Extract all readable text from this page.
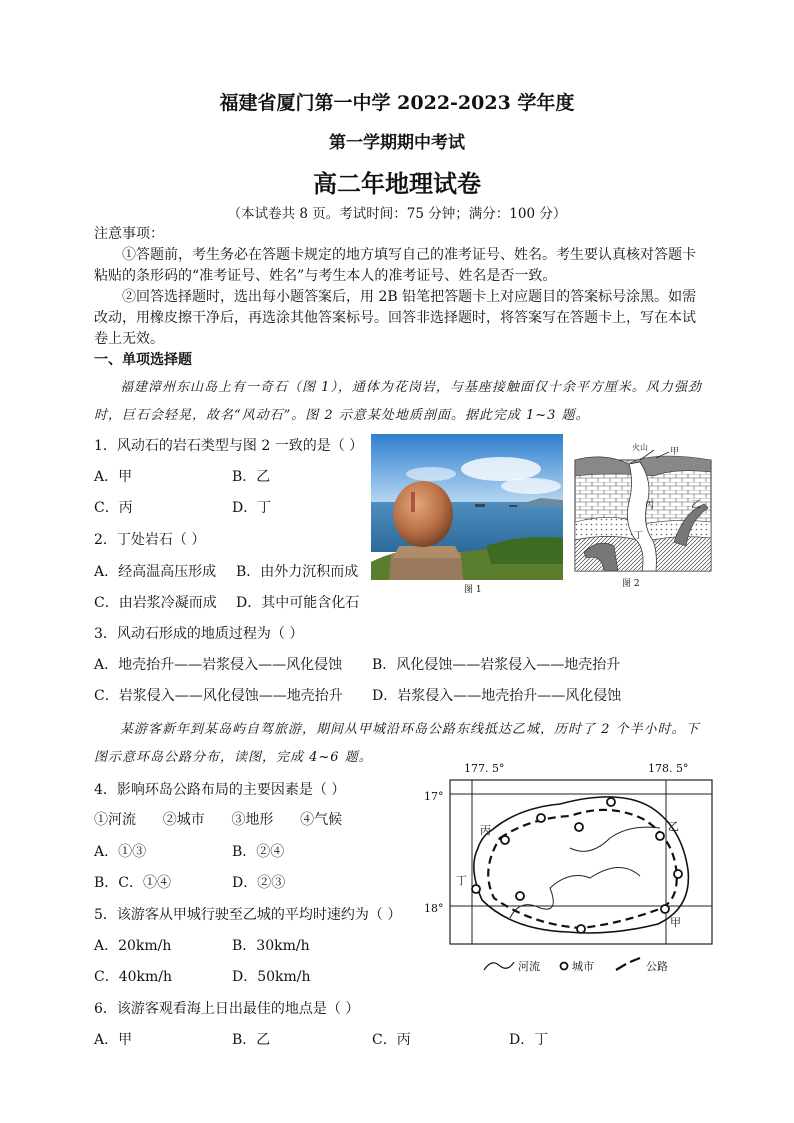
福建省厦门第一中学 2022-2023 学年度
第一学期期中考试
高二年地理试卷
（本试卷共 8 页。考试时间：75 分钟；满分：100 分）
注意事项：
①答题前，考生务必在答题卡规定的地方填写自己的准考证号、姓名。考生要认真核对答题卡粘贴的条形码的“准考证号、姓名”与考生本人的准考证号、姓名是否一致。
②回答选择题时，选出每小题答案后，用 2B 铅笔把答题卡上对应题目的答案标号涂黑。如需改动，用橡皮擦干净后，再选涂其他答案标号。回答非选择题时，将答案写在答题卡上，写在本试卷上无效。
一、单项选择题
福建漳州东山岛上有一奇石（图 1），通体为花岗岩，与基座接触面仅十余平方厘米。风力强劲时，巨石会轻晃，故名“风动石”。图 2 示意某处地质剖面。据此完成 1~3 题。
1．风动石的岩石类型与图 2 一致的是（ ）
A．甲	B．乙
C．丙	D．丁
2．丁处岩石（ ）
A．经高温高压形成 B．由外力沉积而成
C．由岩浆冷凝而成 D．其中可能含化石
3．风动石形成的地质过程为（ ）
A．地壳抬升——岩浆侵入——风化侵蚀 B．风化侵蚀——岩浆侵入——地壳抬升
C．岩浆侵入——风化侵蚀——地壳抬升 D．岩浆侵入——地壳抬升——风化侵蚀
某游客新年到某岛屿自驾旅游，期间从甲城沿环岛公路东线抵达乙城，历时了 2 个半小时。下图示意环岛公路分布，读图，完成 4~6 题。
4．影响环岛公路布局的主要因素是（ ）
①河流      ②城市      ③地形      ④气候
A．①③	B．②④
B．C．①④	D．②③
5．该游客从甲城行驶至乙城的平均时速约为（ ）
A．20km/h	B．30km/h
C．40km/h	D．50km/h
6．该游客观看海上日出最佳的地点是（ ）
A．甲	B．乙	C．丙	D．丁
图 1
火山 甲
乙
丙
丁
图 2
177. 5°	178. 5°
17°
18°
丙	乙
丁
甲
河流	城市	公路
